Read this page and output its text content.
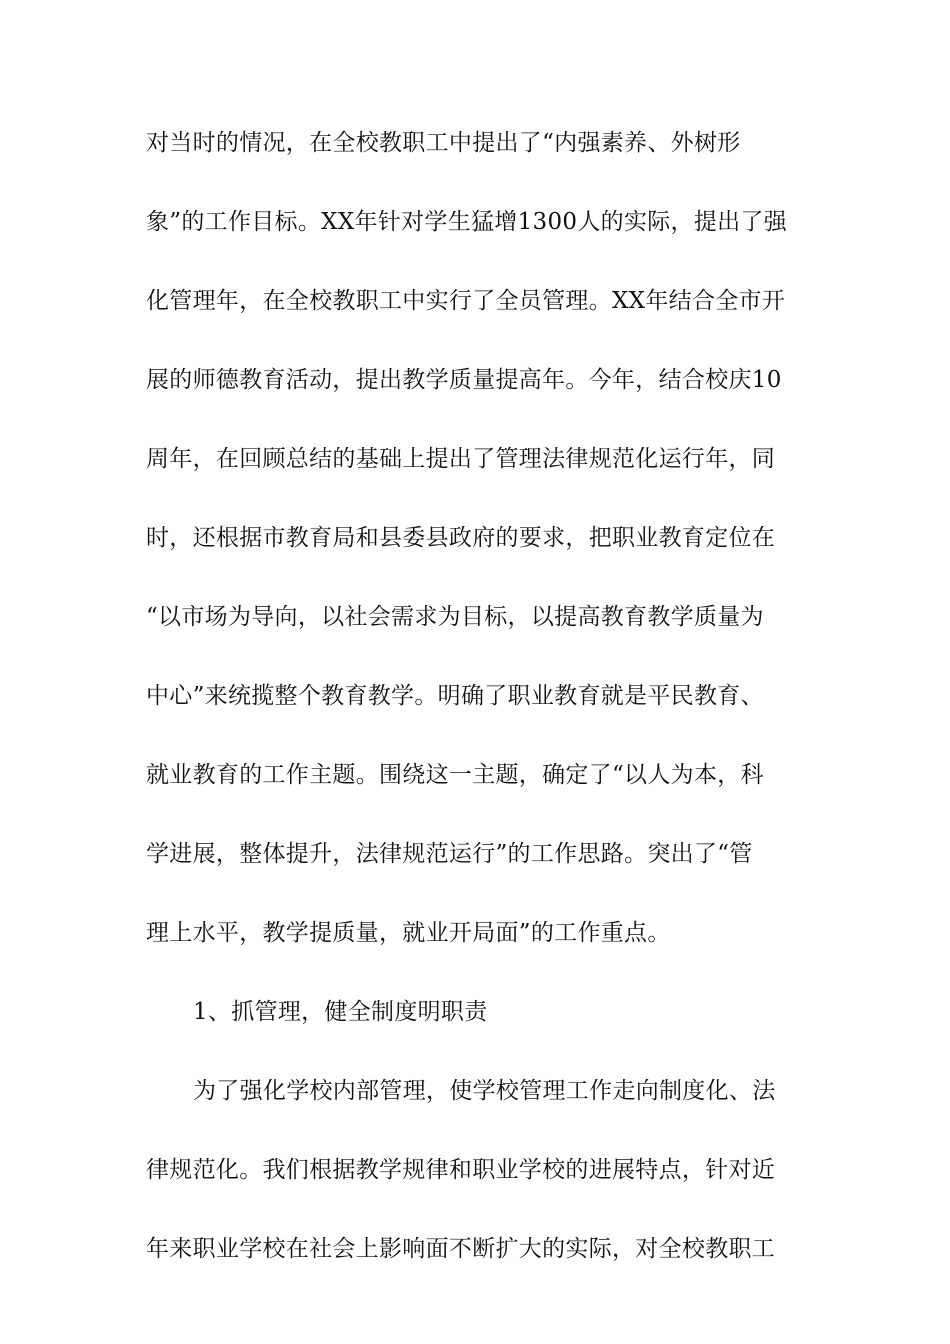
对当时的情况，在全校教职工中提出了“内强素养、外树形
象”的工作目标。XX年针对学生猛增1300人的实际，提出了强
化管理年，在全校教职工中实行了全员管理。XX年结合全市开
展的师德教育活动，提出教学质量提高年。今年，结合校庆10
周年，在回顾总结的基础上提出了管理法律规范化运行年，同
时，还根据市教育局和县委县政府的要求，把职业教育定位在
“以市场为导向，以社会需求为目标，以提高教育教学质量为
中心”来统揽整个教育教学。明确了职业教育就是平民教育、
就业教育的工作主题。围绕这一主题，确定了“以人为本，科
学进展，整体提升，法律规范运行”的工作思路。突出了“管
理上水平，教学提质量，就业开局面”的工作重点。
1、抓管理，健全制度明职责
为了强化学校内部管理，使学校管理工作走向制度化、法
律规范化。我们根据教学规律和职业学校的进展特点，针对近
年来职业学校在社会上影响面不断扩大的实际，对全校教职工
